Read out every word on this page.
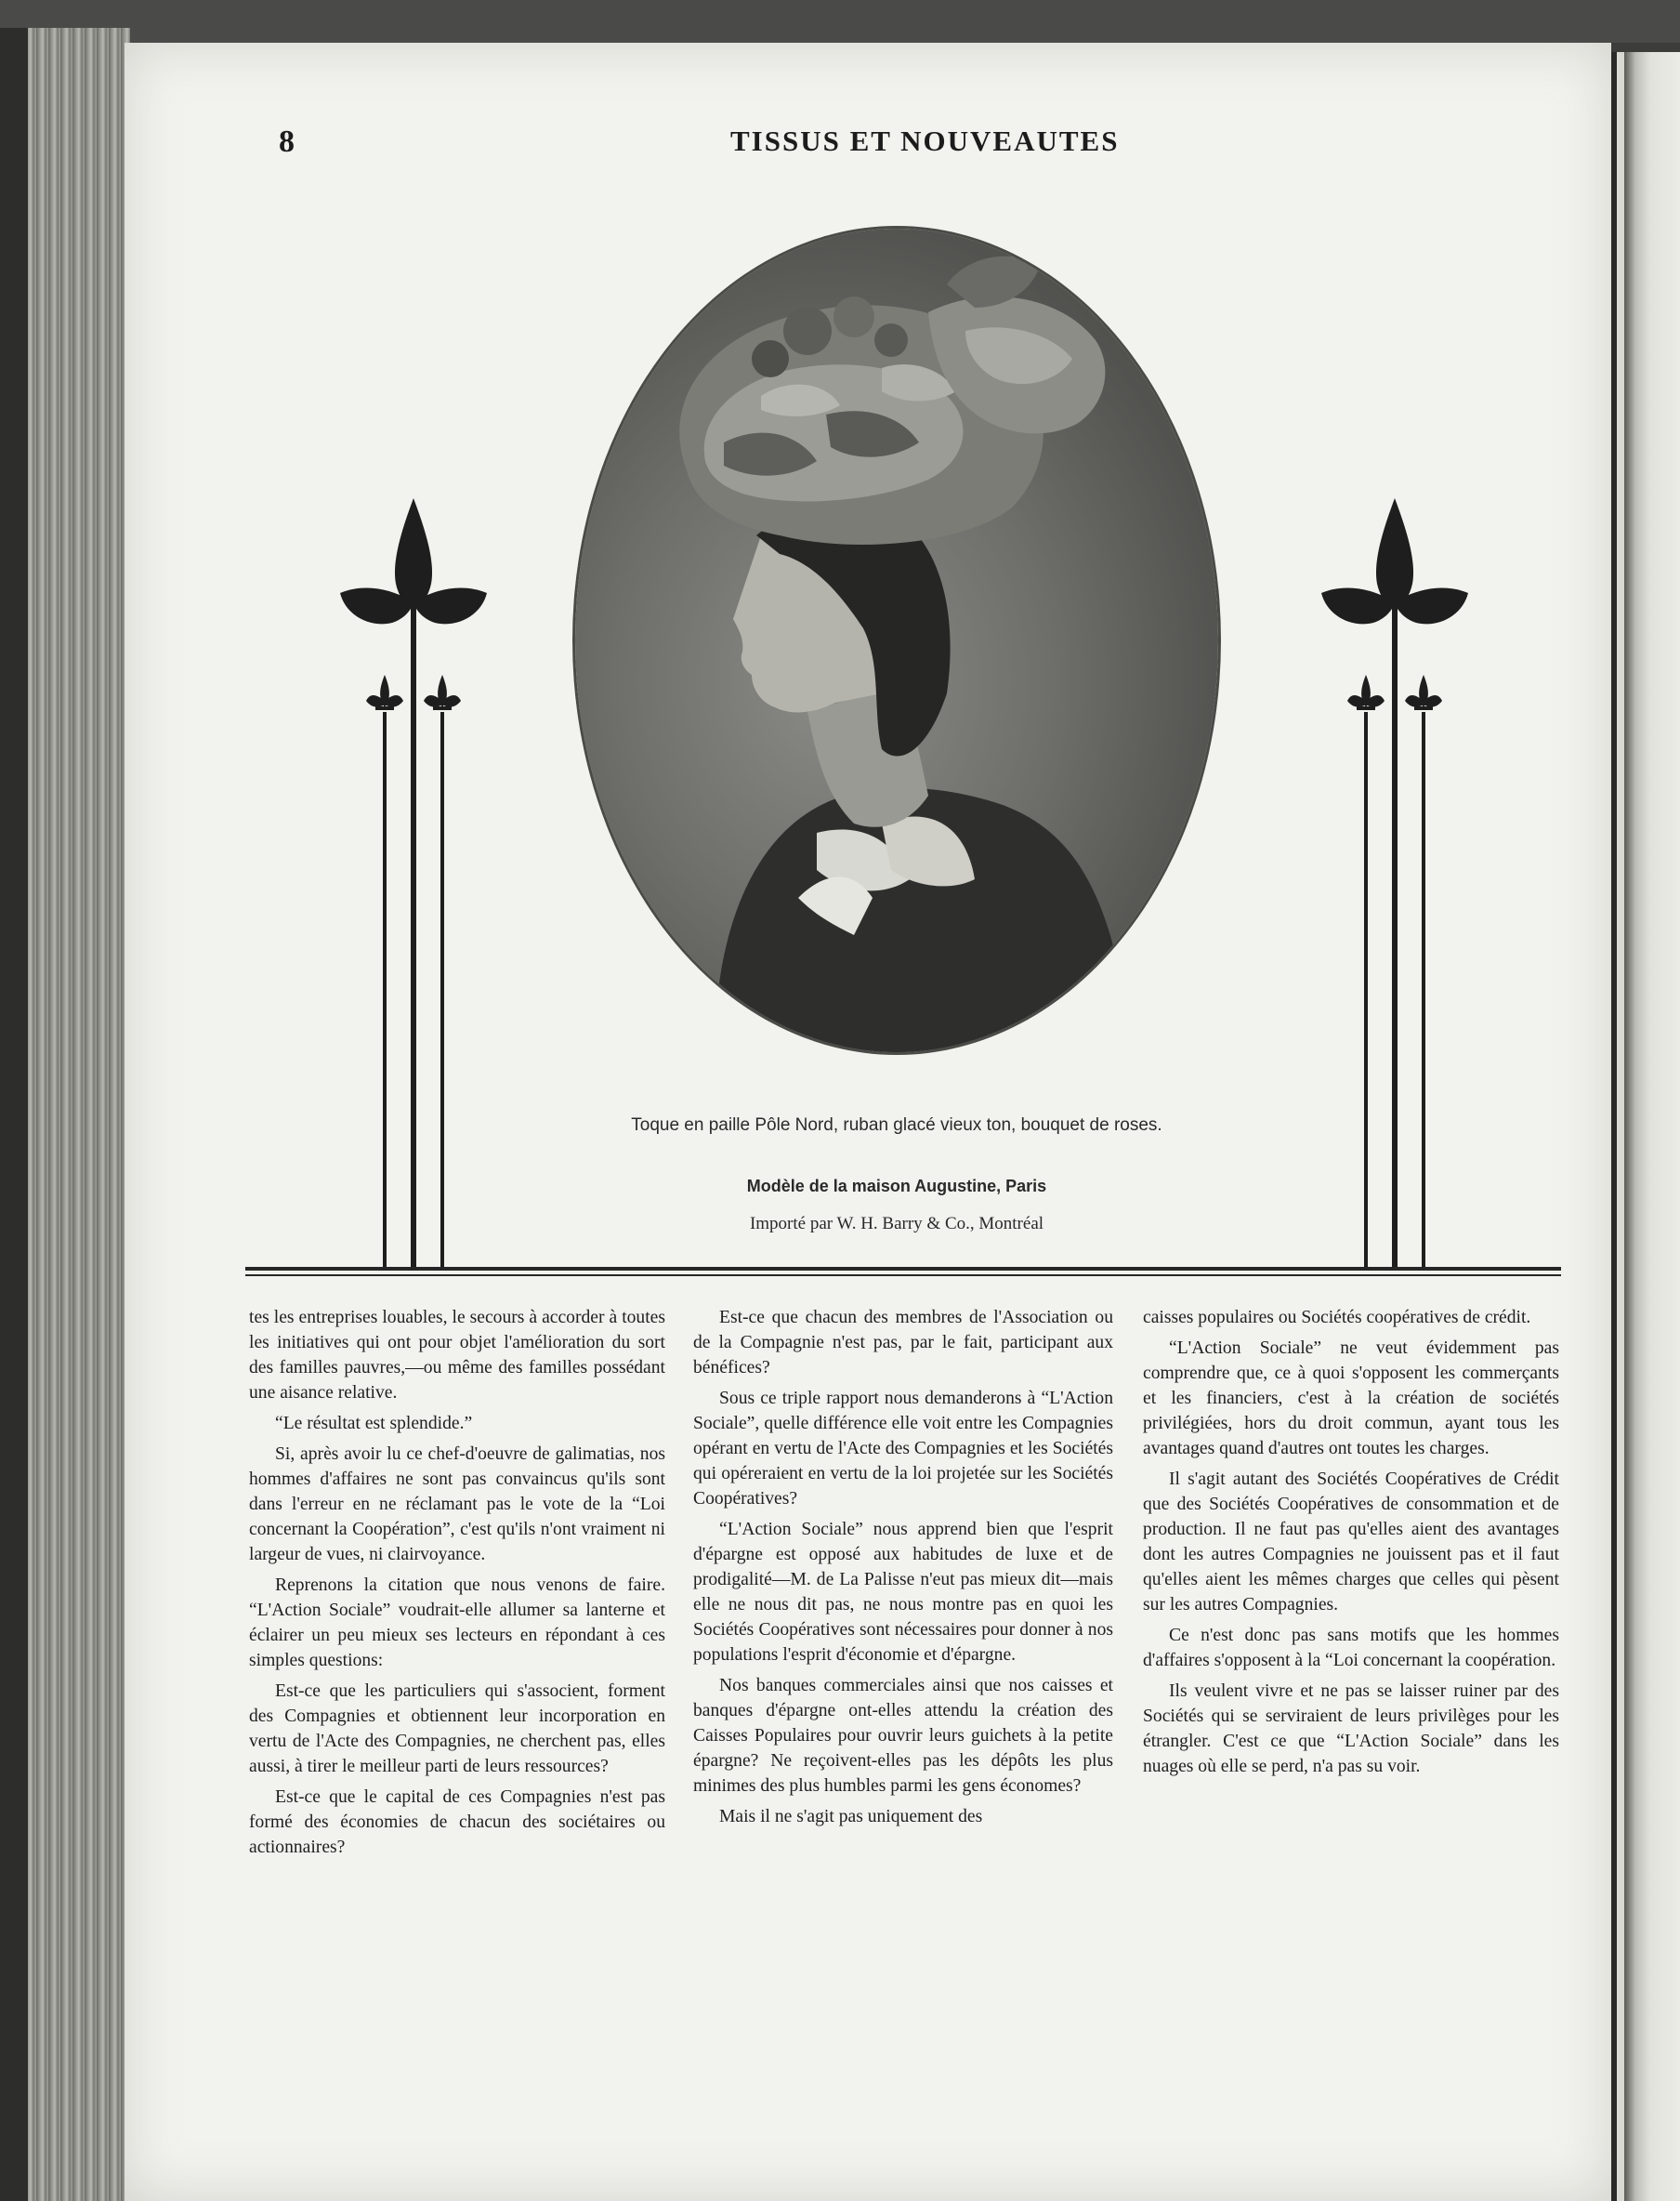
8	TISSUS ET NOUVEAUTES
Toque en paille Pôle Nord, ruban glacé vieux ton, bouquet de roses.
Modèle de la maison Augustine, Paris
Importé par W. H. Barry & Co., Montréal

tes les entreprises louables, le secours à accorder à toutes les initiatives qui ont pour objet l'amélioration du sort des familles pauvres,—ou même des familles possédant une aisance relative.

“Le résultat est splendide.”

Si, après avoir lu ce chef-d'oeuvre de galimatias, nos hommes d'affaires ne sont pas convaincus qu'ils sont dans l'erreur en ne réclamant pas le vote de la “Loi concernant la Coopération”, c'est qu'ils n'ont vraiment ni largeur de vues, ni clairvoyance.

Reprenons la citation que nous venons de faire. “L'Action Sociale” voudrait-elle allumer sa lanterne et éclairer un peu mieux ses lecteurs en répondant à ces simples questions:

Est-ce que les particuliers qui s'associent, forment des Compagnies et obtiennent leur incorporation en vertu de l'Acte des Compagnies, ne cherchent pas, elles aussi, à tirer le meilleur parti de leurs ressources?

Est-ce que le capital de ces Compagnies n'est pas formé des économies de chacun des sociétaires ou actionnaires?

Est-ce que chacun des membres de l'Association ou de la Compagnie n'est pas, par le fait, participant aux bénéfices?

Sous ce triple rapport nous demanderons à “L'Action Sociale”, quelle différence elle voit entre les Compagnies opérant en vertu de l'Acte des Compagnies et les Sociétés qui opéreraient en vertu de la loi projetée sur les Sociétés Coopératives?

“L'Action Sociale” nous apprend bien que l'esprit d'épargne est opposé aux habitudes de luxe et de prodigalité—M. de La Palisse n'eut pas mieux dit—mais elle ne nous dit pas, ne nous montre pas en quoi les Sociétés Coopératives sont nécessaires pour donner à nos populations l'esprit d'économie et d'épargne.

Nos banques commerciales ainsi que nos caisses et banques d'épargne ont-elles attendu la création des Caisses Populaires pour ouvrir leurs guichets à la petite épargne? Ne reçoivent-elles pas les dépôts les plus minimes des plus humbles parmi les gens économes?

Mais il ne s'agit pas uniquement des

caisses populaires ou Sociétés coopératives de crédit.

“L'Action Sociale” ne veut évidemment pas comprendre que, ce à quoi s'opposent les commerçants et les financiers, c'est à la création de sociétés privilégiées, hors du droit commun, ayant tous les avantages quand d'autres ont toutes les charges.

Il s'agit autant des Sociétés Coopératives de Crédit que des Sociétés Coopératives de consommation et de production. Il ne faut pas qu'elles aient des avantages dont les autres Compagnies ne jouissent pas et il faut qu'elles aient les mêmes charges que celles qui pèsent sur les autres Compagnies.

Ce n'est donc pas sans motifs que les hommes d'affaires s'opposent à la “Loi concernant la coopération.

Ils veulent vivre et ne pas se laisser ruiner par des Sociétés qui se serviraient de leurs privilèges pour les étrangler. C'est ce que “L'Action Sociale” dans les nuages où elle se perd, n'a pas su voir.
